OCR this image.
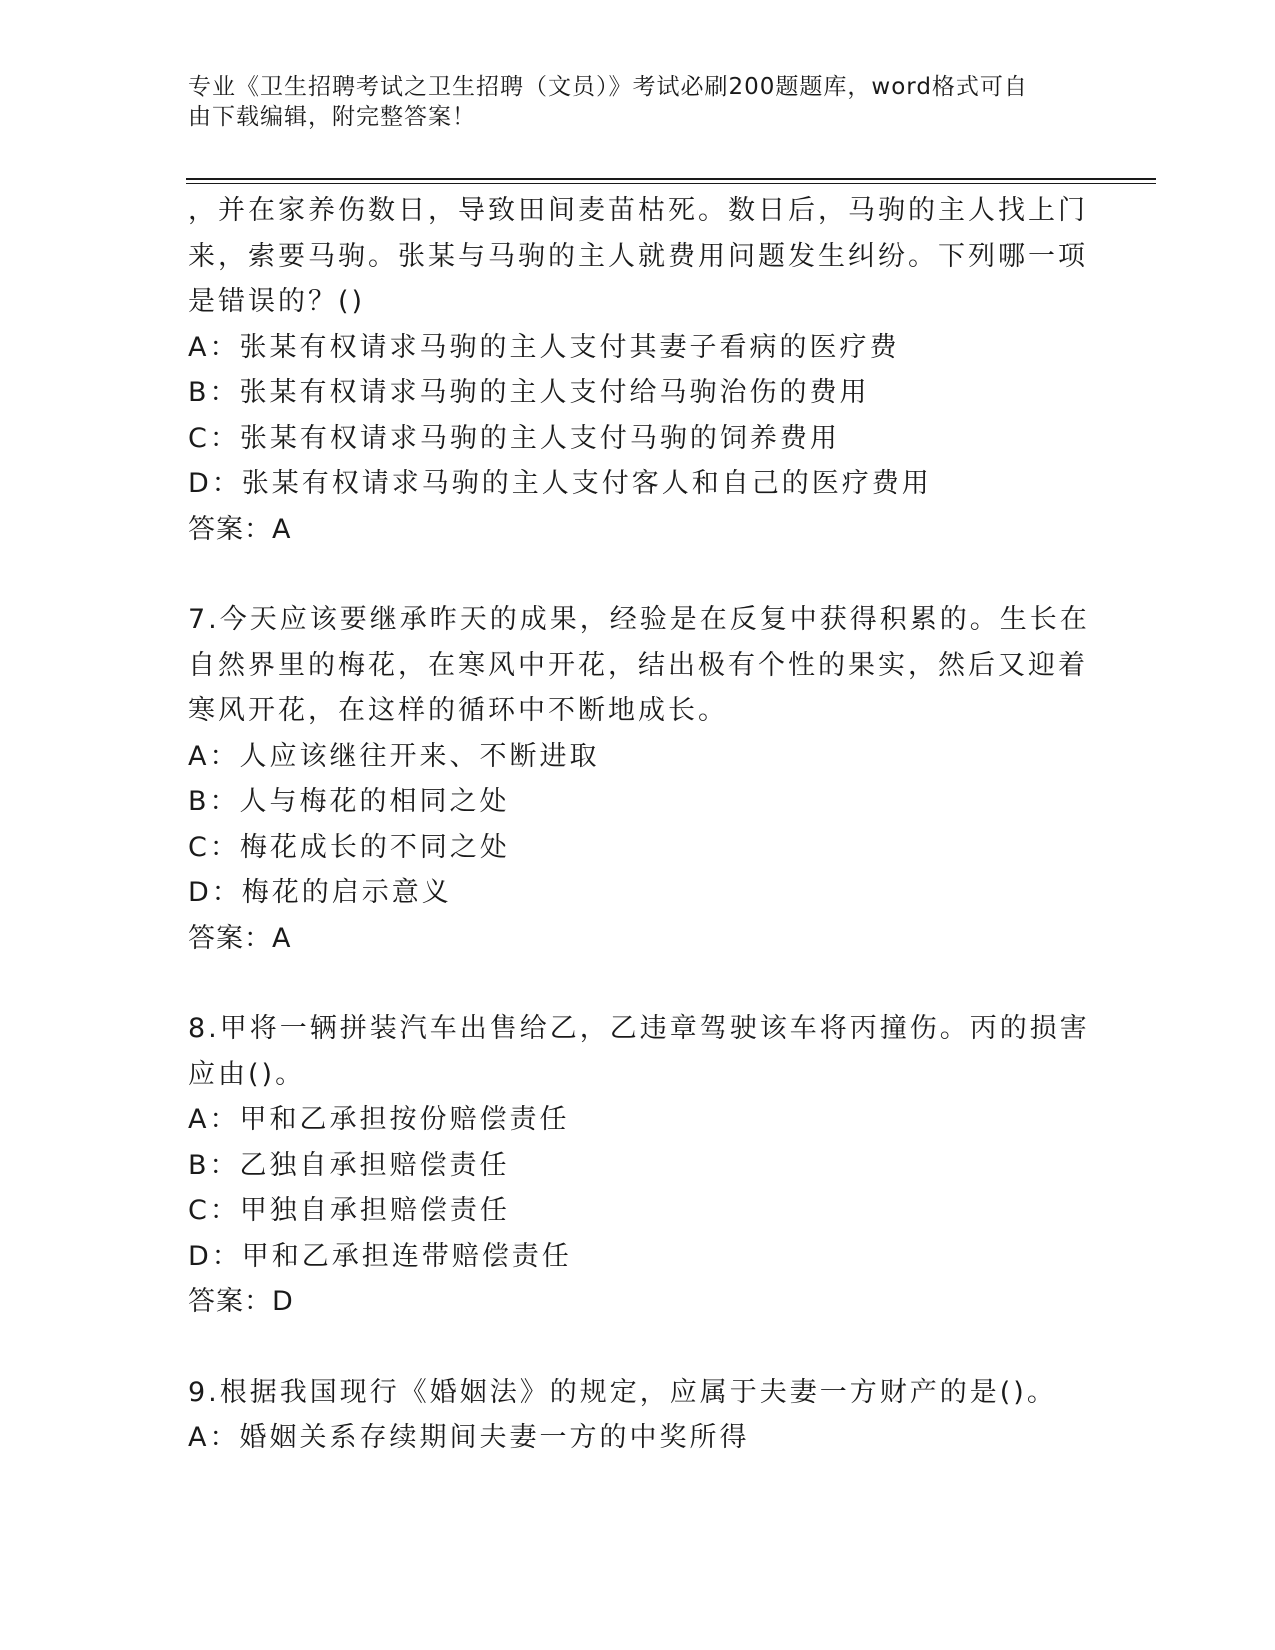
专业《卫生招聘考试之卫生招聘（文员）》考试必刷200题题库，word格式可自
由下载编辑，附完整答案！
，并在家养伤数日，导致田间麦苗枯死。数日后，马驹的主人找上门
来，索要马驹。张某与马驹的主人就费用问题发生纠纷。下列哪一项
是错误的？()
A：张某有权请求马驹的主人支付其妻子看病的医疗费
B：张某有权请求马驹的主人支付给马驹治伤的费用
C：张某有权请求马驹的主人支付马驹的饲养费用
D：张某有权请求马驹的主人支付客人和自己的医疗费用
答案：A
7.今天应该要继承昨天的成果，经验是在反复中获得积累的。生长在
自然界里的梅花，在寒风中开花，结出极有个性的果实，然后又迎着
寒风开花，在这样的循环中不断地成长。
A：人应该继往开来、不断进取
B：人与梅花的相同之处
C：梅花成长的不同之处
D：梅花的启示意义
答案：A
8.甲将一辆拼装汽车出售给乙，乙违章驾驶该车将丙撞伤。丙的损害
应由()。
A：甲和乙承担按份赔偿责任
B：乙独自承担赔偿责任
C：甲独自承担赔偿责任
D：甲和乙承担连带赔偿责任
答案：D
9.根据我国现行《婚姻法》的规定，应属于夫妻一方财产的是()。
A：婚姻关系存续期间夫妻一方的中奖所得
